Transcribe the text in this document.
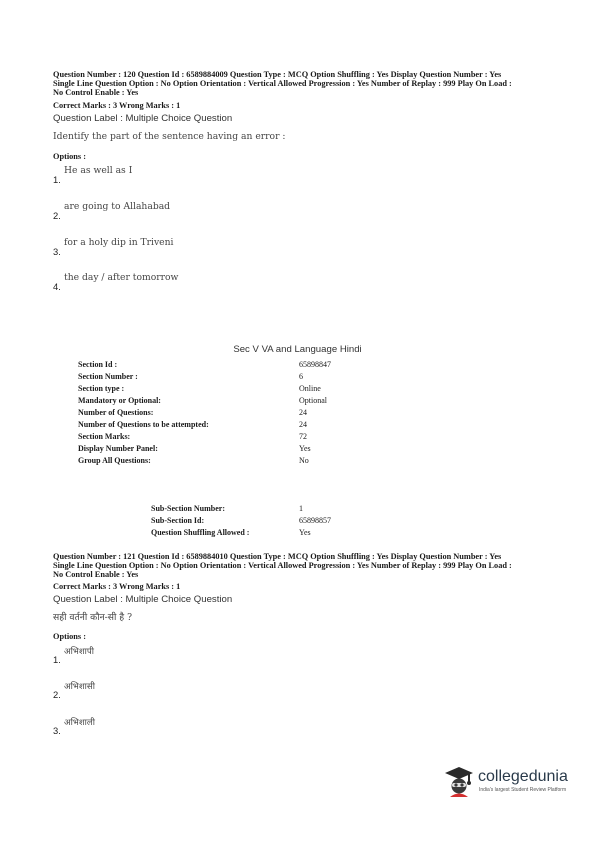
Question Number : 120 Question Id : 6589884009 Question Type : MCQ Option Shuffling : Yes Display Question Number : Yes
Single Line Question Option : No Option Orientation : Vertical Allowed Progression : Yes Number of Replay : 999 Play On Load :
No Control Enable : Yes
Correct Marks : 3 Wrong Marks : 1
Question Label : Multiple Choice Question
Identify the part of the sentence having an error :
Options :
He as well as I
1.
are going to Allahabad
2.
for a holy dip in Triveni
3.
the day / after tomorrow
4.
Sec V VA and Language Hindi
Section Id :	65898847
Section Number :	6
Section type :	Online
Mandatory or Optional:	Optional
Number of Questions:	24
Number of Questions to be attempted:	24
Section Marks:	72
Display Number Panel:	Yes
Group All Questions:	No
Sub-Section Number:	1
Sub-Section Id:	65898857
Question Shuffling Allowed :	Yes
Question Number : 121 Question Id : 6589884010 Question Type : MCQ Option Shuffling : Yes Display Question Number : Yes
Single Line Question Option : No Option Orientation : Vertical Allowed Progression : Yes Number of Replay : 999 Play On Load :
No Control Enable : Yes
Correct Marks : 3 Wrong Marks : 1
Question Label : Multiple Choice Question
सही वर्तनी कौन-सी है ?
Options :
अभिशापी
1.
अभिशासी
2.
अभिशाली
3.
collegedunia
India's largest Student Review Platform
